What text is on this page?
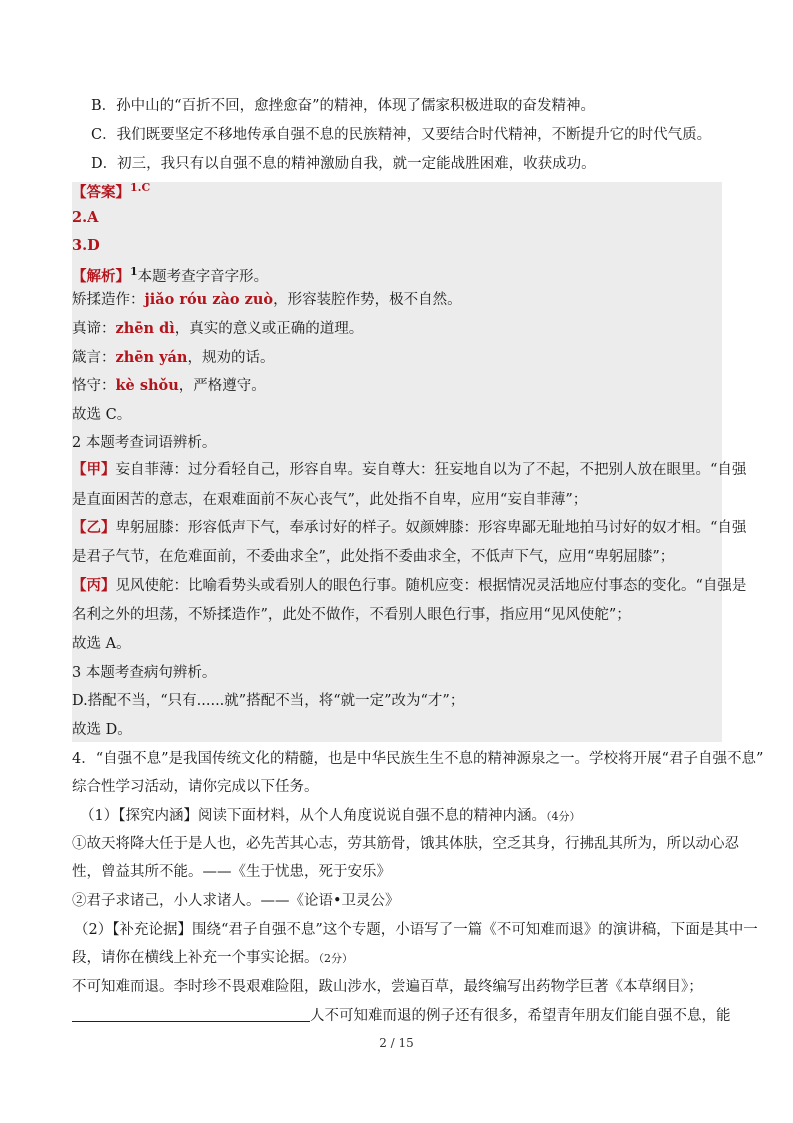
B．孙中山的“百折不回，愈挫愈奋”的精神，体现了儒家积极进取的奋发精神。
C．我们既要坚定不移地传承自强不息的民族精神，又要结合时代精神，不断提升它的时代气质。
D．初三，我只有以自强不息的精神激励自我，就一定能战胜困难，收获成功。
【答案】$^{1.C}$
2.A
3.D
【解析】$^1$本题考查字音字形。
矫揉造作：jiǎo róu zào zuò，形容装腔作势，极不自然。
真谛：zhēn dì，真实的意义或正确的道理。
箴言：zhēn yán，规劝的话。
恪守：kè shǒu，严格遵守。
故选 C。
2 本题考查词语辨析。
【甲】妄自菲薄：过分看轻自己，形容自卑。妄自尊大：狂妄地自以为了不起，不把别人放在眼里。“自强
是直面困苦的意志，在艰难面前不灰心丧气”，此处指不自卑，应用“妄自菲薄”；
【乙】卑躬屈膝：形容低声下气，奉承讨好的样子。奴颜婢膝：形容卑鄙无耻地拍马讨好的奴才相。“自强
是君子气节，在危难面前，不委曲求全”，此处指不委曲求全，不低声下气，应用“卑躬屈膝”；
【丙】见风使舵：比喻看势头或看别人的眼色行事。随机应变：根据情况灵活地应付事态的变化。“自强是
名利之外的坦荡，不矫揉造作”，此处不做作，不看别人眼色行事，指应用“见风使舵”；
故选 A。
3 本题考查病句辨析。
D.搭配不当，“只有......就”搭配不当，将“就一定”改为“才”；
故选 D。
4．“自强不息”是我国传统文化的精髓，也是中华民族生生不息的精神源泉之一。学校将开展“君子自强不息”
综合性学习活动，请你完成以下任务。
（1）【探究内涵】阅读下面材料，从个人角度说说自强不息的精神内涵。（4分）
①故天将降大任于是人也，必先苦其心志，劳其筋骨，饿其体肤，空乏其身，行拂乱其所为，所以动心忍
性，曾益其所不能。——《生于忧患，死于安乐》
②君子求诸己，小人求诸人。——《论语•卫灵公》
（2）【补充论据】围绕“君子自强不息”这个专题，小语写了一篇《不可知难而退》的演讲稿，下面是其中一
段，请你在横线上补充一个事实论据。（2分）
不可知难而退。李时珍不畏艰难险阻，跋山涉水，尝遍百草，最终编写出药物学巨著《本草纲目》；
人不可知难而退的例子还有很多，希望青年朋友们能自强不息，能
2 / 15
